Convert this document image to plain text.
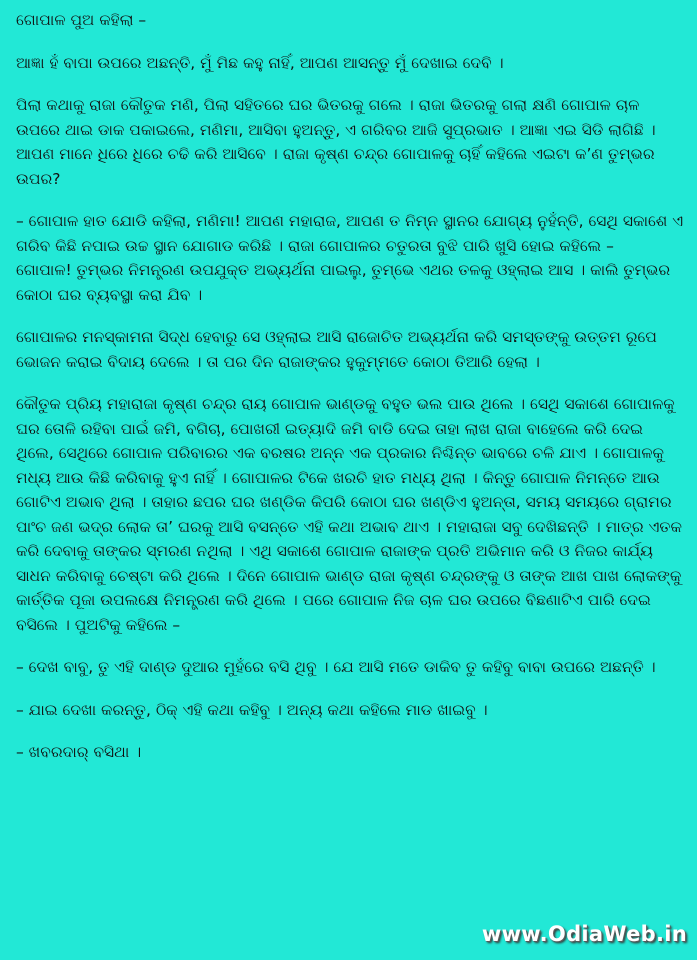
ଗୋପାଳ ପୁଅ କହିଲା –

ଆଜ୍ଞା ହଁ ବାପା ଉପରେ ଅଛନ୍ତି, ମୁଁ ମିଛ କହୁ ନାହିଁ, ଆପଣ ଆସନ୍ତୁ ମୁଁ ଦେଖାଇ ଦେବି ।

ପିଲା କଥାକୁ ରାଜା କୌତୁକ ମଣି, ପିଲା ସହିତରେ ଘର ଭିତରକୁ ଗଲେ । ରାଜା ଭିତରକୁ ଗଲା କ୍ଷଣି ଗୋପାଳ ଚାଳ ଉପରେ ଥାଇ ଡାକ ପକାଇଲେ, ମଣିମା, ଆସିବା ହୁଅନ୍ତୁ, ଏ ଗରିବର ଆଜି ସୁପ୍ରଭାତ । ଆଜ୍ଞା ଏଇ ସିଡି ଲାଗିଛି । ଆପଣ ମାନେ ଧିରେ ଧିରେ ଚଢି କରି ଆସିବେ । ରାଜା କୃଷ୍ଣ ଚନ୍ଦ୍ର ଗୋପାଳକୁ ଚାହିଁ କହିଲେ ଏଇଟା କ’ଣ ତୁମ୍ଭର ଉପର?

– ଗୋପାଳ ହାତ ଯୋଡି କହିଲା, ମଣିମା! ଆପଣ ମହାରାଜ, ଆପଣ ତ ନିମ୍ନ ସ୍ଥାନର ଯୋଗ୍ୟ ନୁହଁନ୍ତି, ସେଥି ସକାଶେ ଏ ଗରିବ କିଛି ନପାଇ ଉଚ୍ଚ ସ୍ଥାନ ଯୋଗାଡ କରିଛି । ରାଜା ଗୋପାଳର ଚତୁରତା ବୁଝି ପାରି ଖୁସି ହୋଇ କହିଲେ –
ଗୋପାଳ! ତୁମ୍ଭର ନିମନ୍ତ୍ରଣ ଉପଯୁକ୍ତ ଅଭ୍ୟର୍ଥନା ପାଇଲୁ, ତୁମ୍ଭେ ଏଥର ତଳକୁ ଓହ୍ଲାଇ ଆସ । କାଲି ତୁମ୍ଭର କୋଠା ଘର ବ୍ୟବସ୍ଥା କରା ଯିବ ।

ଗୋପାଳର ମନସ୍କାମନା ସିଦ୍ଧ ହେବାରୁ ସେ ଓହ୍ଲାଇ ଆସି ରାଜୋଚିତ ଅଭ୍ୟର୍ଥନା କରି ସମସ୍ତଙ୍କୁ ଉତ୍ତମ ରୂପେ ଭୋଜନ କରାଇ ବିଦାୟ ଦେଲେ । ତା ପର ଦିନ ରାଜାଙ୍କର ହୁକୁମ୍ମତେ କୋଠା ତିଆରି ହେଲା ।

କୌତୁକ ପ୍ରିୟ ମହାରାଜା କୃଷ୍ଣ ଚନ୍ଦ୍ର ରାୟ ଗୋପାଳ ଭାଣ୍ଡକୁ ବହୁତ ଭଲ ପାଉ ଥିଲେ । ସେଥି ସକାଶେ ଗୋପାଳକୁ ଘର ତୋଳି ରହିବା ପାଇଁ ଜମି, ବଗିଚା, ପୋଖରୀ ଇତ୍ୟାଦି ଜମି ବାଡି ଦେଇ ତାହା ଲାଖ ରାଜା ବାହେଲେ କରି ଦେଇ ଥିଲେ, ସେଥିରେ ଗୋପାଳ ପରିବାରର ଏକ ବରଷର ଅନ୍ନ ଏକ ପ୍ରକାର ନିଶ୍ଚିନ୍ତ ଭାବରେ ଚଳି ଯାଏ । ଗୋପାଳକୁ ମଧ୍ୟ ଆଉ କିଛି କରିବାକୁ ହୁଏ ନାହିଁ । ଗୋପାଳର ଟିକେ ଖରଚି ହାତ ମଧ୍ୟ ଥିଲା । କିନ୍ତୁ ଗୋପାଳ ନିମନ୍ତେ ଆଉ ଗୋଟିଏ ଅଭାବ ଥିଲା । ତାହାର ଛପର ଘର ଖଣ୍ଡିକ କିପରି କୋଠା ଘର ଖଣ୍ଡିଏ ହୁଅନ୍ତା, ସମୟ ସମୟରେ ଗ୍ରାମର ପାଂଚ ଜଣ ଭଦ୍ର ଲୋକ ତା’ ଘରକୁ ଆସି ବସନ୍ତେ ଏହି କଥା ଅଭାବ ଥାଏ । ମହାରାଜା ସବୁ ଦେଖିଛନ୍ତି । ମାତ୍ର ଏତକ କରି ଦେବାକୁ ତାଙ୍କର ସ୍ମରଣ ନଥିଲା । ଏଥି ସକାଶେ ଗୋପାଳ ରାଜାଙ୍କ ପ୍ରତି ଅଭିମାନ କରି ଓ ନିଜର କାର୍ଯ୍ୟ ସାଧନ କରିବାକୁ ଚେଷ୍ଟା କରି ଥିଲେ । ଦିନେ ଗୋପାଳ ଭାଣ୍ଡ ରାଜା କୃଷ୍ଣ ଚନ୍ଦ୍ରଙ୍କୁ ଓ ତାଙ୍କ ଆଖ ପାଖ ଲୋକଙ୍କୁ କାର୍ତ୍ତିକ ପୂଜା ଉପଲକ୍ଷେ ନିମନ୍ତ୍ରଣ କରି ଥିଲେ । ପରେ ଗୋପାଳ ନିଜ ଚାଳ ଘର ଉପରେ ବିଛଣାଟିଏ ପାରି ଦେଇ ବସିଲେ । ପୁଅଟିକୁ କହିଲେ –

– ଦେଖ ବାବୁ, ତୁ ଏହି ଦାଣ୍ଡ ଦୁଆର ମୁହଁରେ ବସି ଥିବୁ । ଯେ ଆସି ମତେ ଡାକିବ ତୁ କହିବୁ ବାବା ଉପରେ ଅଛନ୍ତି ।

– ଯାଇ ଦେଖା କରନ୍ତୁ, ଠିକ୍ ଏହି କଥା କହିବୁ । ଅନ୍ୟ କଥା କହିଲେ ମାଡ ଖାଇବୁ ।

– ଖବରଦାର୍ ବସିଥା ।

www.OdiaWeb.in
